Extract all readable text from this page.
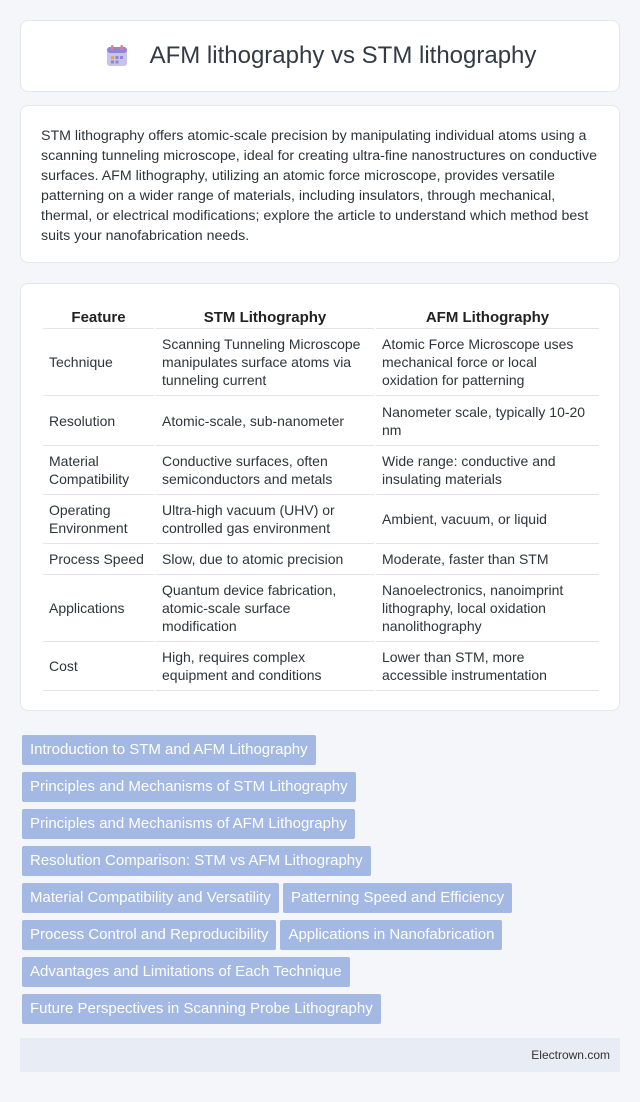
AFM lithography vs STM lithography

STM lithography offers atomic-scale precision by manipulating individual atoms using a scanning tunneling microscope, ideal for creating ultra-fine nanostructures on conductive surfaces. AFM lithography, utilizing an atomic force microscope, provides versatile patterning on a wider range of materials, including insulators, through mechanical, thermal, or electrical modifications; explore the article to understand which method best suits your nanofabrication needs.

Feature	STM Lithography	AFM Lithography
Technique	Scanning Tunneling Microscope manipulates surface atoms via tunneling current	Atomic Force Microscope uses mechanical force or local oxidation for patterning
Resolution	Atomic-scale, sub-nanometer	Nanometer scale, typically 10-20 nm
Material Compatibility	Conductive surfaces, often semiconductors and metals	Wide range: conductive and insulating materials
Operating Environment	Ultra-high vacuum (UHV) or controlled gas environment	Ambient, vacuum, or liquid
Process Speed	Slow, due to atomic precision	Moderate, faster than STM
Applications	Quantum device fabrication, atomic-scale surface modification	Nanoelectronics, nanoimprint lithography, local oxidation nanolithography
Cost	High, requires complex equipment and conditions	Lower than STM, more accessible instrumentation
Introduction to STM and AFM Lithography
Principles and Mechanisms of STM Lithography
Principles and Mechanisms of AFM Lithography
Resolution Comparison: STM vs AFM Lithography
Material Compatibility and Versatility Patterning Speed and Efficiency
Process Control and Reproducibility Applications in Nanofabrication
Advantages and Limitations of Each Technique
Future Perspectives in Scanning Probe Lithography
Electrown.com
